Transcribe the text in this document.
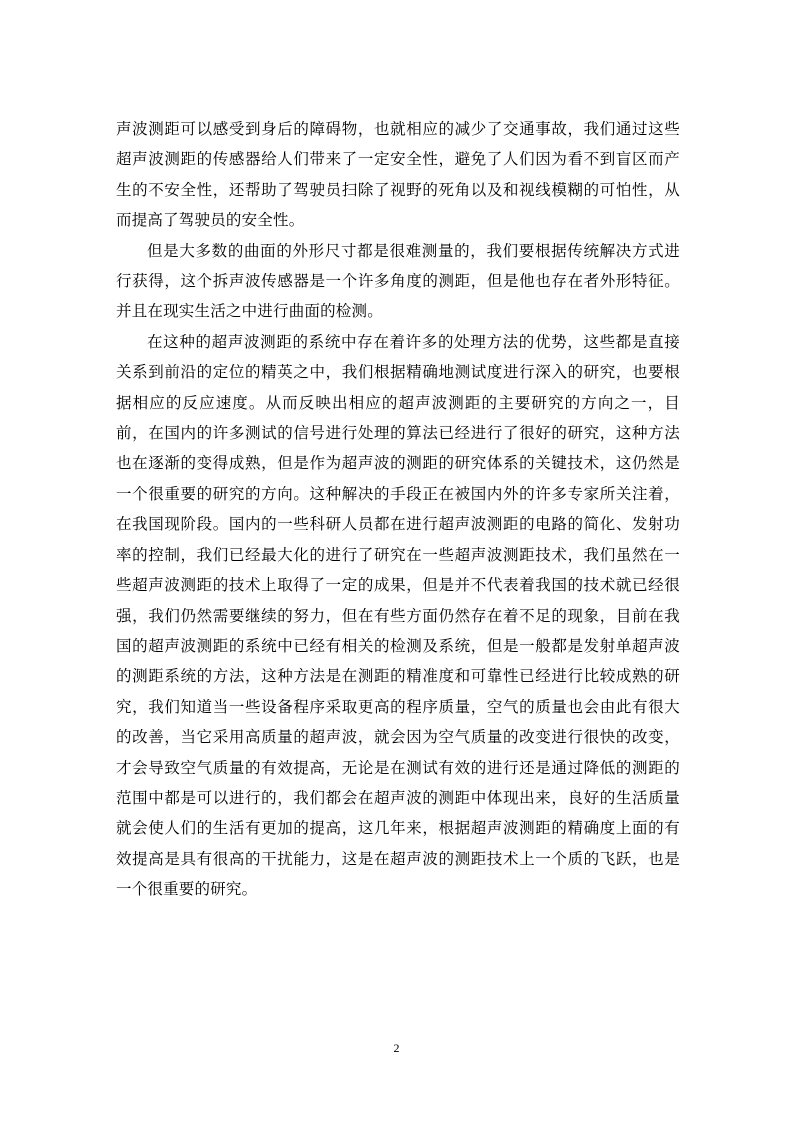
声波测距可以感受到身后的障碍物，也就相应的减少了交通事故，我们通过这些超声波测距的传感器给人们带来了一定安全性，避免了人们因为看不到盲区而产生的不安全性，还帮助了驾驶员扫除了视野的死角以及和视线模糊的可怕性，从而提高了驾驶员的安全性。

但是大多数的曲面的外形尺寸都是很难测量的，我们要根据传统解决方式进行获得，这个拆声波传感器是一个许多角度的测距，但是他也存在者外形特征。并且在现实生活之中进行曲面的检测。

在这种的超声波测距的系统中存在着许多的处理方法的优势，这些都是直接关系到前沿的定位的精英之中，我们根据精确地测试度进行深入的研究，也要根据相应的反应速度。从而反映出相应的超声波测距的主要研究的方向之一，目前，在国内的许多测试的信号进行处理的算法已经进行了很好的研究，这种方法也在逐渐的变得成熟，但是作为超声波的测距的研究体系的关键技术，这仍然是一个很重要的研究的方向。这种解决的手段正在被国内外的许多专家所关注着，在我国现阶段。国内的一些科研人员都在进行超声波测距的电路的简化、发射功率的控制，我们已经最大化的进行了研究在一些超声波测距技术，我们虽然在一些超声波测距的技术上取得了一定的成果，但是并不代表着我国的技术就已经很强，我们仍然需要继续的努力，但在有些方面仍然存在着不足的现象，目前在我国的超声波测距的系统中已经有相关的检测及系统，但是一般都是发射单超声波的测距系统的方法，这种方法是在测距的精准度和可靠性已经进行比较成熟的研究，我们知道当一些设备程序采取更高的程序质量，空气的质量也会由此有很大的改善，当它采用高质量的超声波，就会因为空气质量的改变进行很快的改变，才会导致空气质量的有效提高，无论是在测试有效的进行还是通过降低的测距的范围中都是可以进行的，我们都会在超声波的测距中体现出来，良好的生活质量就会使人们的生活有更加的提高，这几年来，根据超声波测距的精确度上面的有效提高是具有很高的干扰能力，这是在超声波的测距技术上一个质的飞跃，也是一个很重要的研究。

2
